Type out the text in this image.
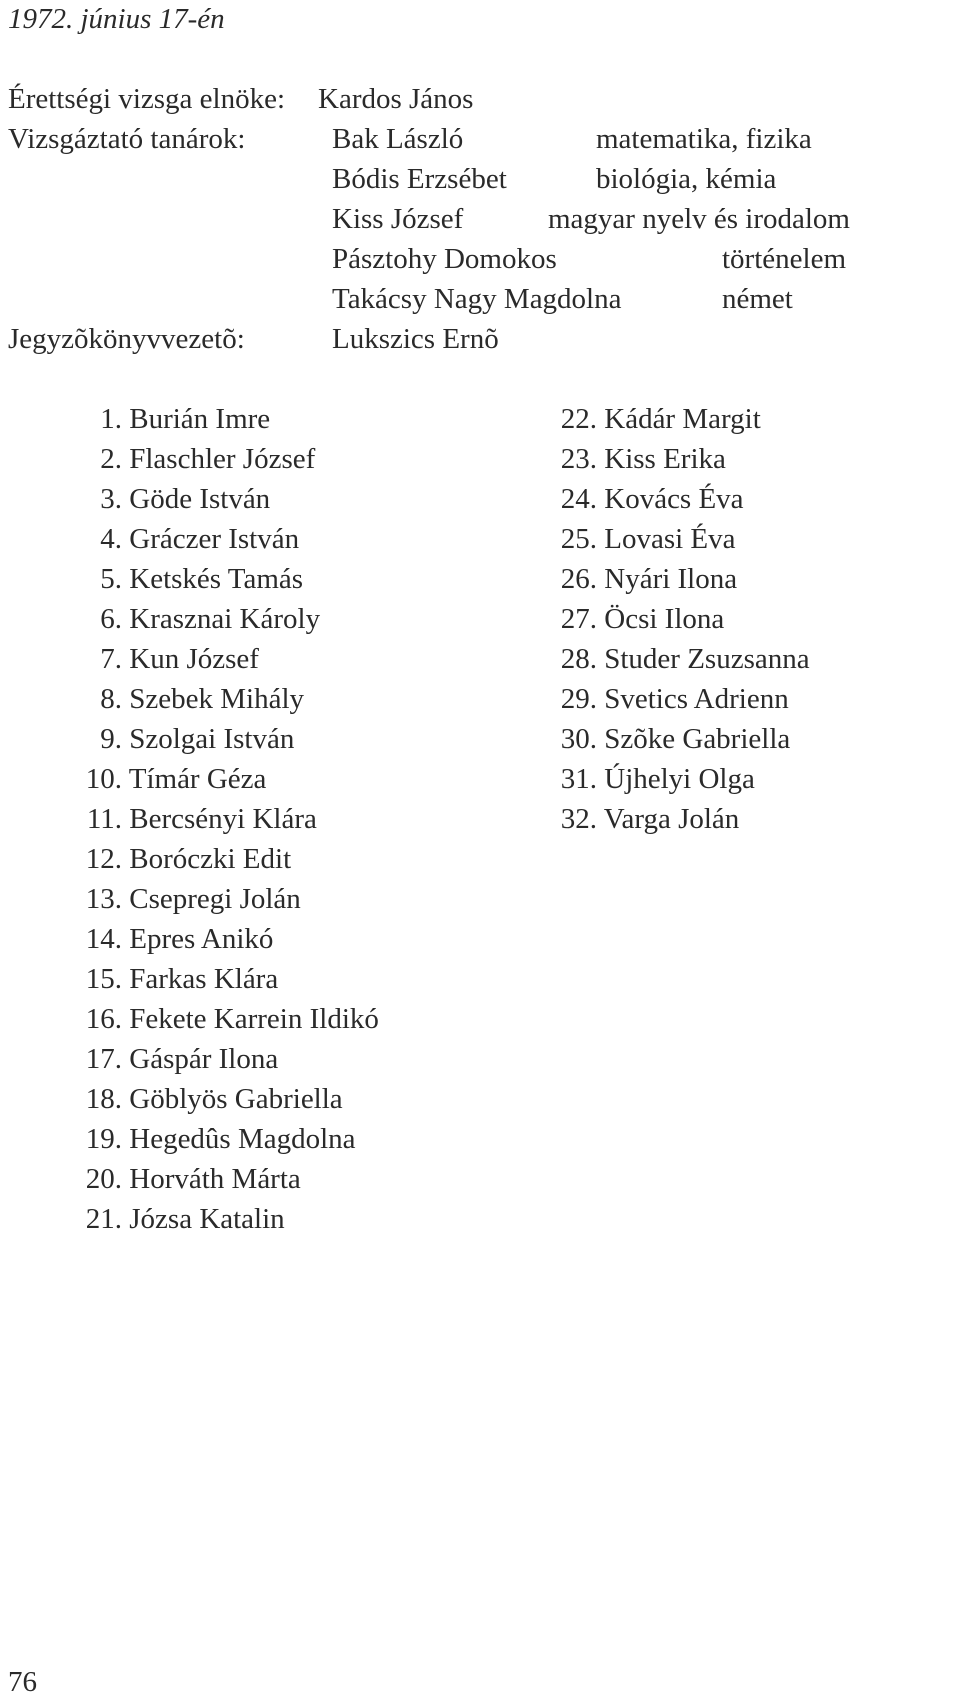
1972. június 17-én
Érettségi vizsga elnöke: Kardos János
Vizsgáztató tanárok:	Bak László	matematika, fizika
Bódis Erzsébet	biológia, kémia
Kiss József	magyar nyelv és irodalom
Pásztohy Domokos	történelem
Takácsy Nagy Magdolna	német
Jegyzõkönyvvezetõ:	Lukszics Ernõ
1. Burián Imre
2. Flaschler József
3. Göde István
4. Gráczer István
5. Ketskés Tamás
6. Krasznai Károly
7. Kun József
8. Szebek Mihály
9. Szolgai István
10. Tímár Géza
11. Bercsényi Klára
12. Boróczki Edit
13. Csepregi Jolán
14. Epres Anikó
15. Farkas Klára
16. Fekete Karrein Ildikó
17. Gáspár Ilona
18. Göblyös Gabriella
19. Hegedûs Magdolna
20. Horváth Márta
21. Józsa Katalin
22. Kádár Margit
23. Kiss Erika
24. Kovács Éva
25. Lovasi Éva
26. Nyári Ilona
27. Öcsi Ilona
28. Studer Zsuzsanna
29. Svetics Adrienn
30. Szõke Gabriella
31. Újhelyi Olga
32. Varga Jolán
76
